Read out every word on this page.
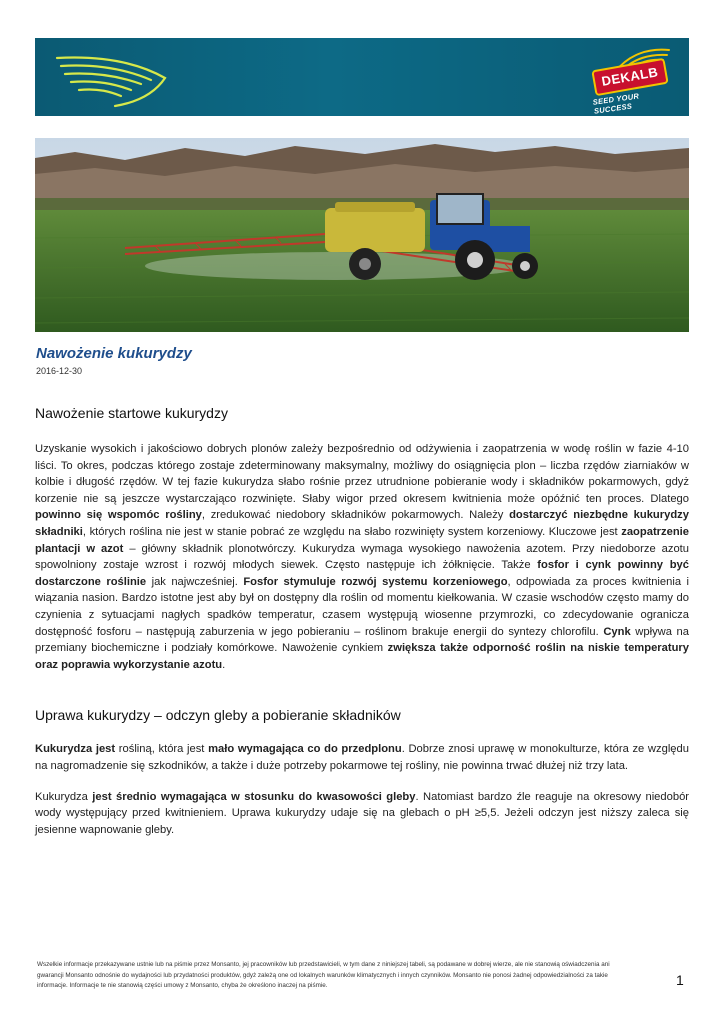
DEKALB
SEED YOUR SUCCESS
Nawożenie kukurydzy
2016-12-30
Nawożenie startowe kukurydzy

Uzyskanie wysokich i jakościowo dobrych plonów zależy bezpośrednio od odżywienia i zaopatrzenia w wodę roślin w fazie 4-10 liści. To okres, podczas którego zostaje zdeterminowany maksymalny, możliwy do osiągnięcia plon – liczba rzędów ziarniaków w kolbie i długość rzędów. W tej fazie kukurydza słabo rośnie przez utrudnione pobieranie wody i składników pokarmowych, gdyż korzenie nie są jeszcze wystarczająco rozwinięte. Słaby wigor przed okresem kwitnienia może opóźnić ten proces. Dlatego powinno się wspomóc rośliny, zredukować niedobory składników pokarmowych. Należy dostarczyć niezbędne kukurydzy składniki, których roślina nie jest w stanie pobrać ze względu na słabo rozwinięty system korzeniowy. Kluczowe jest zaopatrzenie plantacji w azot – główny składnik plonotwórczy. Kukurydza wymaga wysokiego nawożenia azotem. Przy niedoborze azotu spowolniony zostaje wzrost i rozwój młodych siewek. Często następuje ich żółknięcie. Także fosfor i cynk powinny być dostarczone roślinie jak najwcześniej. Fosfor stymuluje rozwój systemu korzeniowego, odpowiada za proces kwitnienia i wiązania nasion. Bardzo istotne jest aby był on dostępny dla roślin od momentu kiełkowania. W czasie wschodów często mamy do czynienia z sytuacjami nagłych spadków temperatur, czasem występują wiosenne przymrozki, co zdecydowanie ogranicza dostępność fosforu – następują zaburzenia w jego pobieraniu – roślinom brakuje energii do syntezy chlorofilu. Cynk wpływa na przemiany biochemiczne i podziały komórkowe. Nawożenie cynkiem zwiększa także odporność roślin na niskie temperatury oraz poprawia wykorzystanie azotu.

Uprawa kukurydzy – odczyn gleby a pobieranie składników

Kukurydza jest rośliną, która jest mało wymagająca co do przedplonu. Dobrze znosi uprawę w monokulturze, która ze względu na nagromadzenie się szkodników, a także i duże potrzeby pokarmowe tej rośliny, nie powinna trwać dłużej niż trzy lata.

Kukurydza jest średnio wymagająca w stosunku do kwasowości gleby. Natomiast bardzo źle reaguje na okresowy niedobór wody występujący przed kwitnieniem. Uprawa kukurydzy udaje się na glebach o pH ≥5,5. Jeżeli odczyn jest niższy zaleca się jesienne wapnowanie gleby.

Wszelkie informacje przekazywane ustnie lub na piśmie przez Monsanto, jej pracowników lub przedstawicieli, w tym dane z niniejszej tabeli, są podawane w dobrej wierze, ale nie stanowią oświadczenia ani gwarancji Monsanto odnośnie do wydajności lub przydatności produktów, gdyż zależą one od lokalnych warunków klimatycznych i innych czynników. Monsanto nie ponosi żadnej odpowiedzialności za takie informacje. Informacje te nie stanowią części umowy z Monsanto, chyba że określono inaczej na piśmie.	1
